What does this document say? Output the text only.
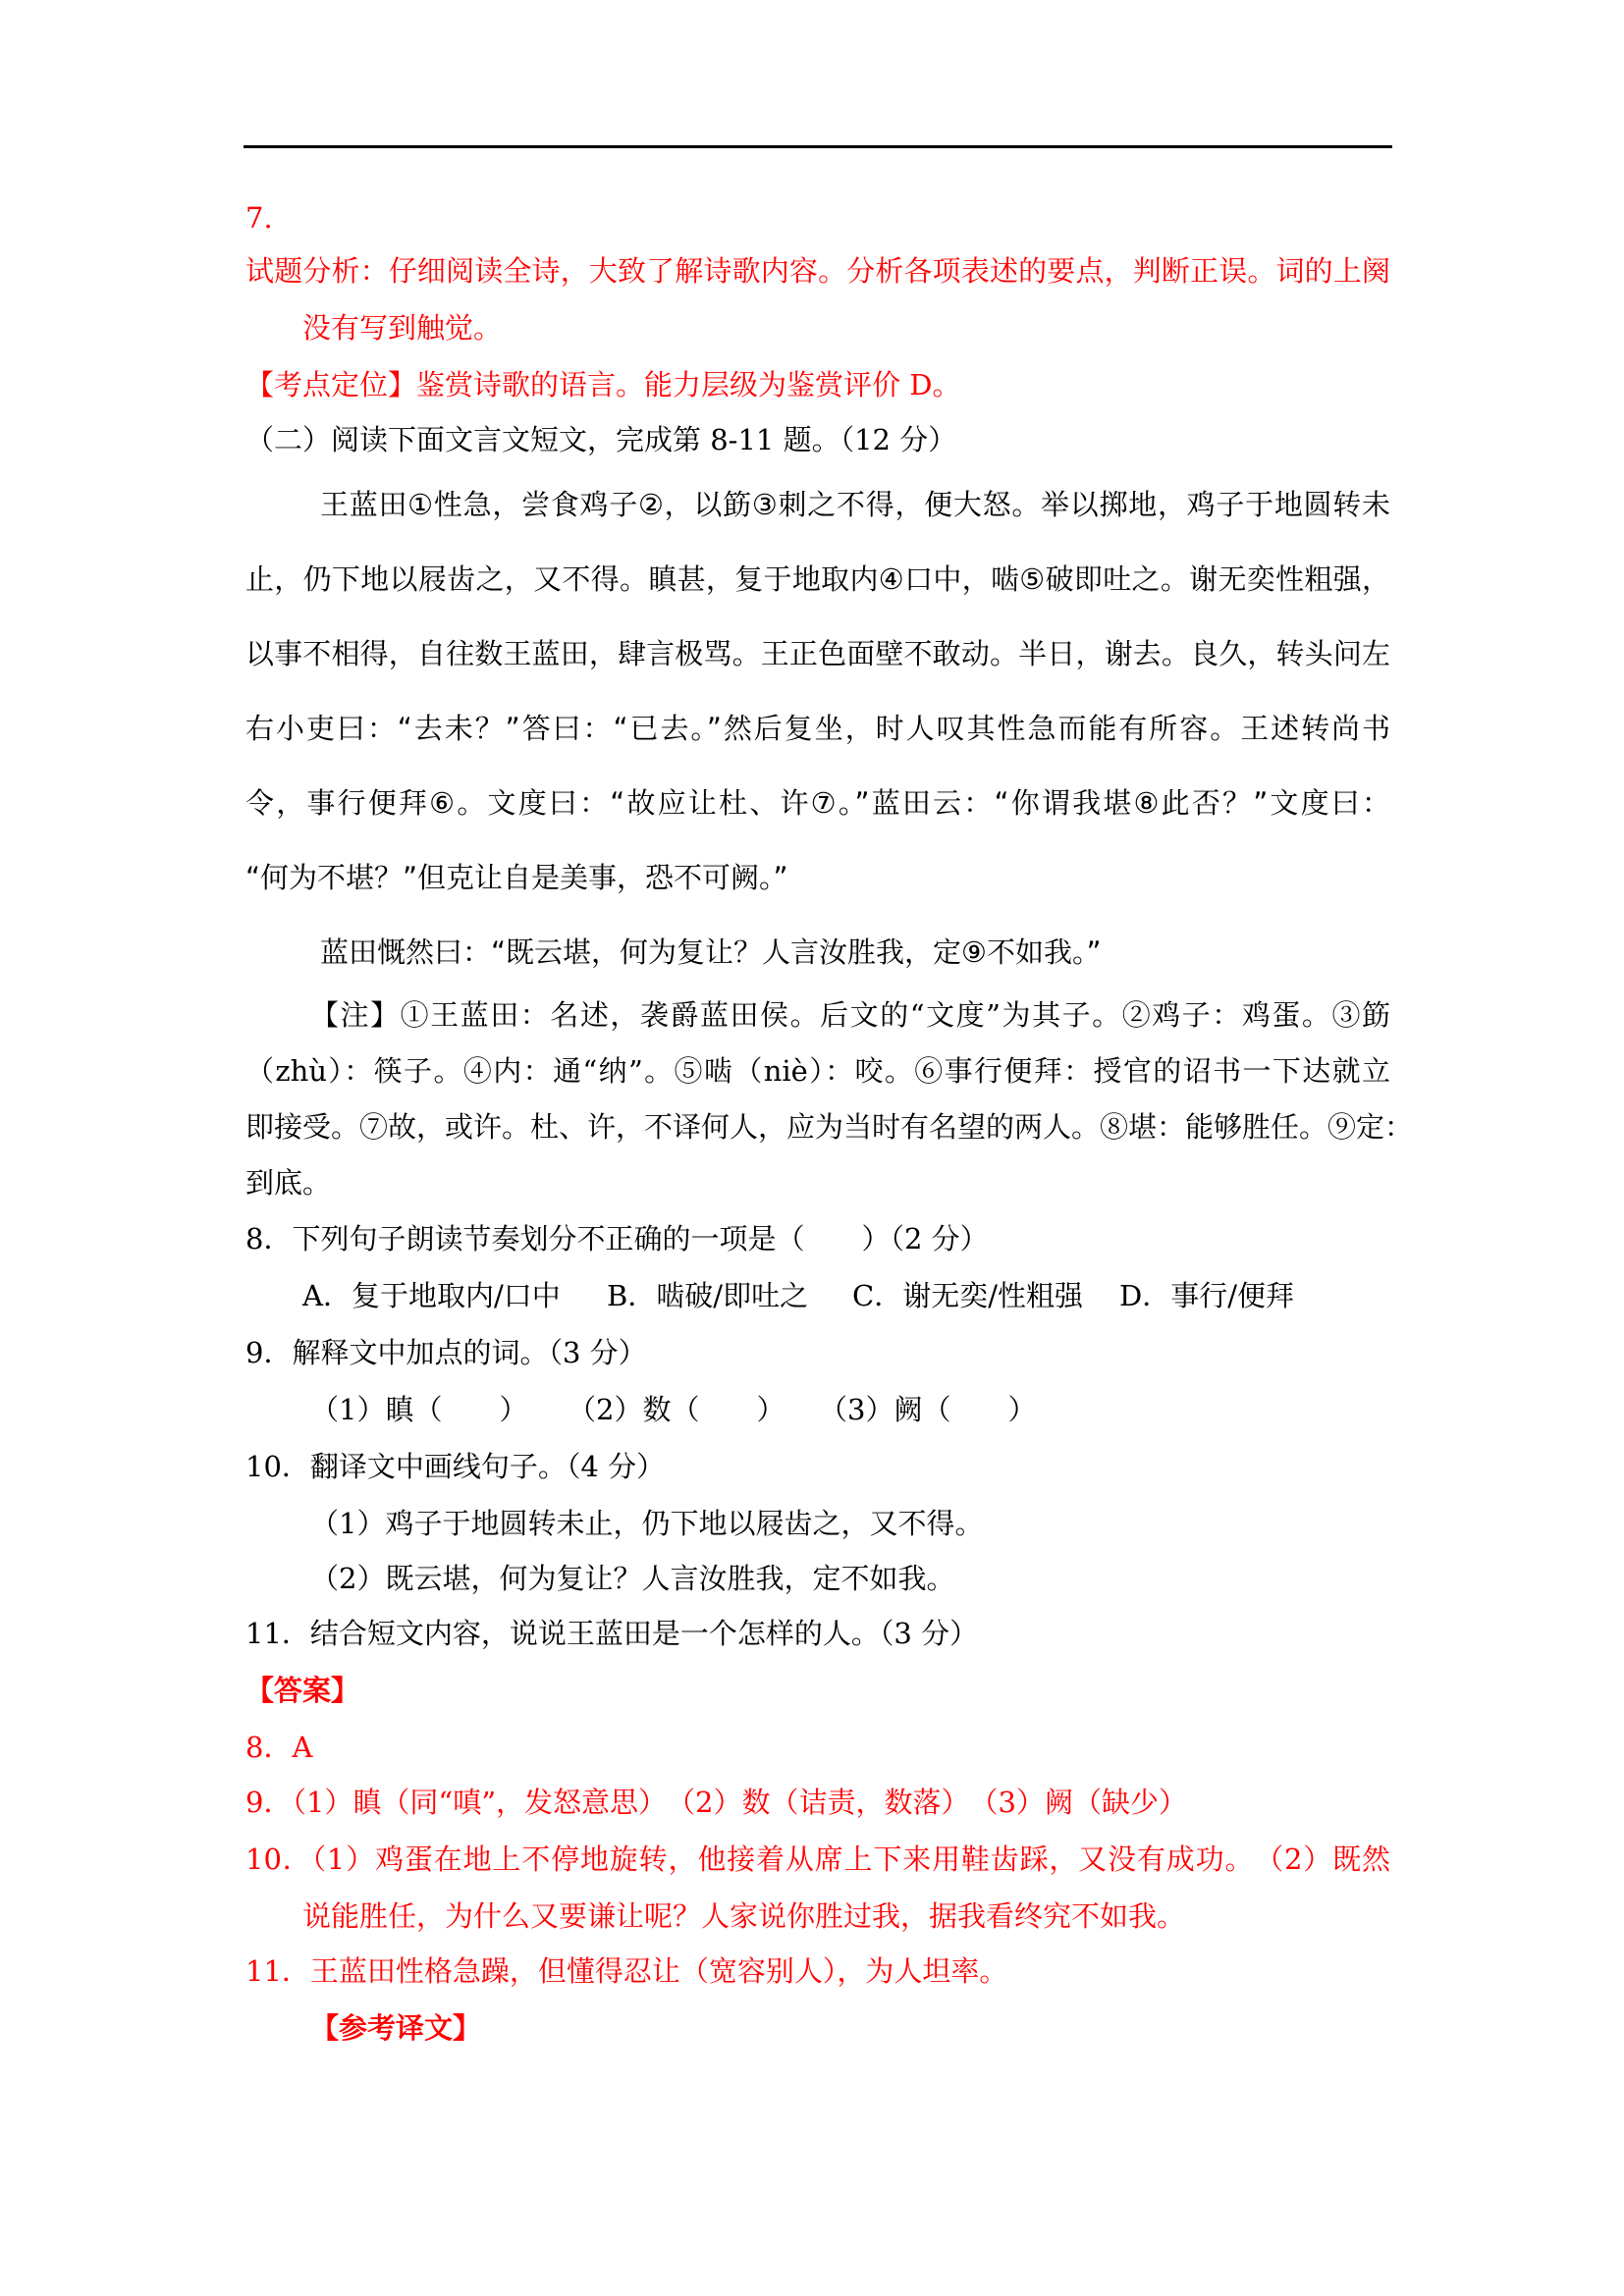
7.
试题分析：仔细阅读全诗，大致了解诗歌内容。分析各项表述的要点，判断正误。词的上阕
没有写到触觉。
【考点定位】鉴赏诗歌的语言。能力层级为鉴赏评价 D。
（二）阅读下面文言文短文，完成第 8-11 题。（12 分）
王蓝田①性急，尝食鸡子②，以筯③刺之不得，便大怒。举以掷地，鸡子于地圆转未
止，仍下地以屐齿之，又不得。瞋甚，复于地取内④口中，啮⑤破即吐之。谢无奕性粗强，
以事不相得，自往数王蓝田，肆言极骂。王正色面壁不敢动。半日，谢去。良久，转头问左
右小吏曰：“去未？”答曰：“已去。”然后复坐，时人叹其性急而能有所容。王述转尚书
令，事行便拜⑥。文度曰：“故应让杜、许⑦。”蓝田云：“你谓我堪⑧此否？”文度曰：
“何为不堪？”但克让自是美事，恐不可阙。”
蓝田慨然曰：“既云堪，何为复让？人言汝胜我，定⑨不如我。”
【注】①王蓝田：名述，袭爵蓝田侯。后文的“文度”为其子。②鸡子：鸡蛋。③筯
（zhù）：筷子。④内：通“纳”。⑤啮（niè）：咬。⑥事行便拜：授官的诏书一下达就立
即接受。⑦故，或许。杜、许，不译何人，应为当时有名望的两人。⑧堪：能够胜任。⑨定：
到底。
8．下列句子朗读节奏划分不正确的一项是（　　）（2 分）
A．复于地取内/口中 B．啮破/即吐之 C．谢无奕/性粗强 D．事行/便拜
9．解释文中加点的词。（3 分）
（1）瞋（　　） （2）数（　　） （3）阙（　　）
10．翻译文中画线句子。（4 分）
（1）鸡子于地圆转未止，仍下地以屐齿之，又不得。
（2）既云堪，何为复让？人言汝胜我，定不如我。
11．结合短文内容，说说王蓝田是一个怎样的人。（3 分）
【答案】
8．A
9．（1）瞋（同“嗔”，发怒意思）　（2）数（诘责，数落）　（3）阙（缺少）
10．（1）鸡蛋在地上不停地旋转，他接着从席上下来用鞋齿踩，又没有成功。　（2）既然
说能胜任，为什么又要谦让呢？人家说你胜过我，据我看终究不如我。
11．王蓝田性格急躁，但懂得忍让（宽容别人），为人坦率。
【参考译文】
